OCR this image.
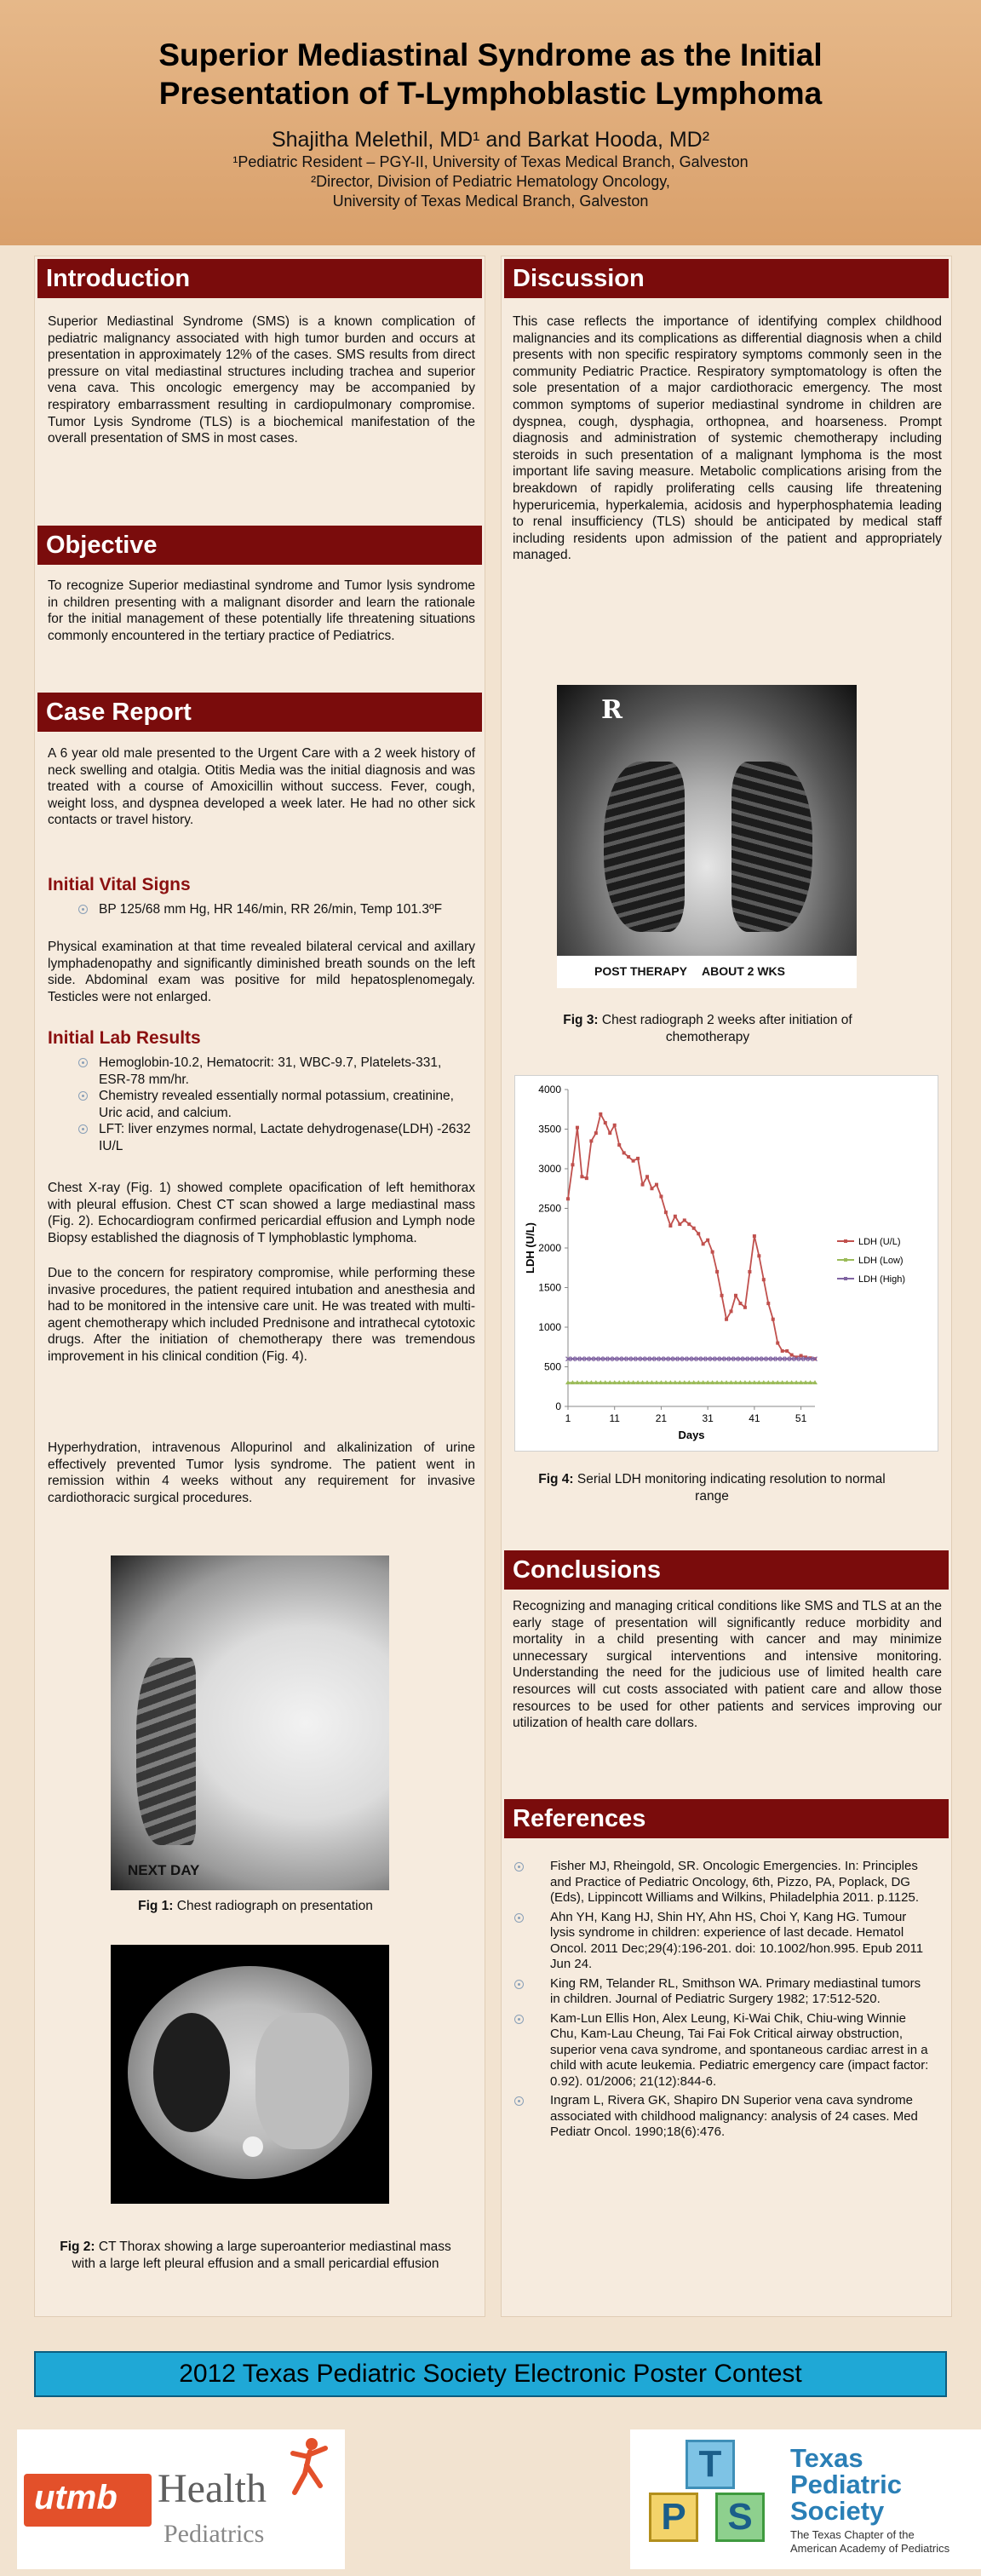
Superior Mediastinal Syndrome as the Initial
Presentation of T-Lymphoblastic Lymphoma
Shajitha Melethil, MD¹ and Barkat Hooda, MD²
¹Pediatric Resident – PGY-II, University of Texas Medical Branch, Galveston
²Director, Division of Pediatric Hematology Oncology,
University of Texas Medical Branch, Galveston
Introduction
Superior Mediastinal Syndrome (SMS) is a known complication of pediatric malignancy associated with high tumor burden and occurs at presentation in approximately 12% of the cases. SMS results from direct pressure on vital mediastinal structures including trachea and superior vena cava. This oncologic emergency may be accompanied by respiratory embarrassment resulting in cardiopulmonary compromise. Tumor Lysis Syndrome (TLS) is a biochemical manifestation of the overall presentation of SMS in most cases.
Objective
To recognize Superior mediastinal syndrome and Tumor lysis syndrome in children presenting with a malignant disorder and learn the rationale for the initial management of these potentially life threatening situations commonly encountered in the tertiary practice of Pediatrics.
Case Report
A 6 year old male presented to the Urgent Care with a 2 week history of neck swelling and otalgia. Otitis Media was the initial diagnosis and was treated with a course of Amoxicillin without success. Fever, cough, weight loss, and dyspnea developed a week later. He had no other sick contacts or travel history.
Initial Vital Signs
BP 125/68 mm Hg, HR 146/min, RR 26/min, Temp 101.3ºF
Physical examination at that time revealed bilateral cervical and axillary lymphadenopathy and significantly diminished breath sounds on the left side. Abdominal exam was positive for mild hepatosplenomegaly. Testicles were not enlarged.
Initial Lab Results
Hemoglobin-10.2, Hematocrit: 31, WBC-9.7, Platelets-331, ESR-78 mm/hr.
Chemistry revealed essentially normal potassium, creatinine, Uric acid, and calcium.
LFT: liver enzymes normal, Lactate dehydrogenase(LDH) -2632 IU/L
Chest X-ray (Fig. 1) showed complete opacification of left hemithorax with pleural effusion. Chest CT scan showed a large mediastinal mass (Fig. 2). Echocardiogram confirmed pericardial effusion and Lymph node Biopsy established the diagnosis of T lymphoblastic lymphoma.
Due to the concern for respiratory compromise, while performing these invasive procedures, the patient required intubation and anesthesia and had to be monitored in the intensive care unit. He was treated with multi-agent chemotherapy which included Prednisone and intrathecal cytotoxic drugs. After the initiation of chemotherapy there was tremendous improvement in his clinical condition (Fig. 4).
Hyperhydration, intravenous Allopurinol and alkalinization of urine effectively prevented Tumor lysis syndrome. The patient went in remission within 4 weeks without any requirement for invasive cardiothoracic surgical procedures.
NEXT DAY
Fig 1: Chest radiograph on presentation
Fig 2: CT Thorax showing a large superoanterior mediastinal mass with a large left pleural effusion and a small pericardial effusion
Discussion
This case reflects the importance of identifying complex childhood malignancies and its complications as differential diagnosis when a child presents with non specific respiratory symptoms commonly seen in the community Pediatric Practice. Respiratory symptomatology is often the sole presentation of a major cardiothoracic emergency. The most common symptoms of superior mediastinal syndrome in children are dyspnea, cough, dysphagia, orthopnea, and hoarseness. Prompt diagnosis and administration of systemic chemotherapy including steroids in such presentation of a malignant lymphoma is the most important life saving measure. Metabolic complications arising from the breakdown of rapidly proliferating cells causing life threatening hyperuricemia, hyperkalemia, acidosis and hyperphosphatemia leading to renal insufficiency (TLS) should be anticipated by medical staff including residents upon admission of the patient and appropriately managed.
R
POST THERAPY ABOUT 2 WKS
Fig 3: Chest radiograph 2 weeks after initiation of chemotherapy
0
500
1000
1500
2000
2500
3000
3500
4000
1	11	21	31	41	51
Days
LDH (U/L)	LDH (U/L)
LDH (Low)
LDH (High)
Fig 4: Serial LDH monitoring indicating resolution to normal range
Conclusions
Recognizing and managing critical conditions like SMS and TLS at an the early stage of presentation will significantly reduce morbidity and mortality in a child presenting with cancer and may minimize unnecessary surgical interventions and intensive monitoring. Understanding the need for the judicious use of limited health care resources will cut costs associated with patient care and allow those resources to be used for other patients and services improving our utilization of health care dollars.
References
Fisher MJ, Rheingold, SR. Oncologic Emergencies. In: Principles and Practice of Pediatric Oncology, 6th, Pizzo, PA, Poplack, DG (Eds), Lippincott Williams and Wilkins, Philadelphia 2011. p.1125.
Ahn YH, Kang HJ, Shin HY, Ahn HS, Choi Y, Kang HG. Tumour lysis syndrome in children: experience of last decade. Hematol Oncol. 2011 Dec;29(4):196-201. doi: 10.1002/hon.995. Epub 2011 Jun 24.
King RM, Telander RL, Smithson WA. Primary mediastinal tumors in children. Journal of Pediatric Surgery 1982; 17:512-520.
Kam-Lun Ellis Hon, Alex Leung, Ki-Wai Chik, Chiu-wing Winnie Chu, Kam-Lau Cheung, Tai Fai Fok Critical airway obstruction, superior vena cava syndrome, and spontaneous cardiac arrest in a child with acute leukemia. Pediatric emergency care (impact factor: 0.92). 01/2006; 21(12):844-6.
Ingram L, Rivera GK, Shapiro DN Superior vena cava syndrome associated with childhood malignancy: analysis of 24 cases. Med Pediatr Oncol. 1990;18(6):476.
2012 Texas Pediatric Society Electronic Poster Contest
utmb Health
Pediatrics
T
P	S
Texas
Pediatric
Society
The Texas Chapter of the
American Academy of Pediatrics
